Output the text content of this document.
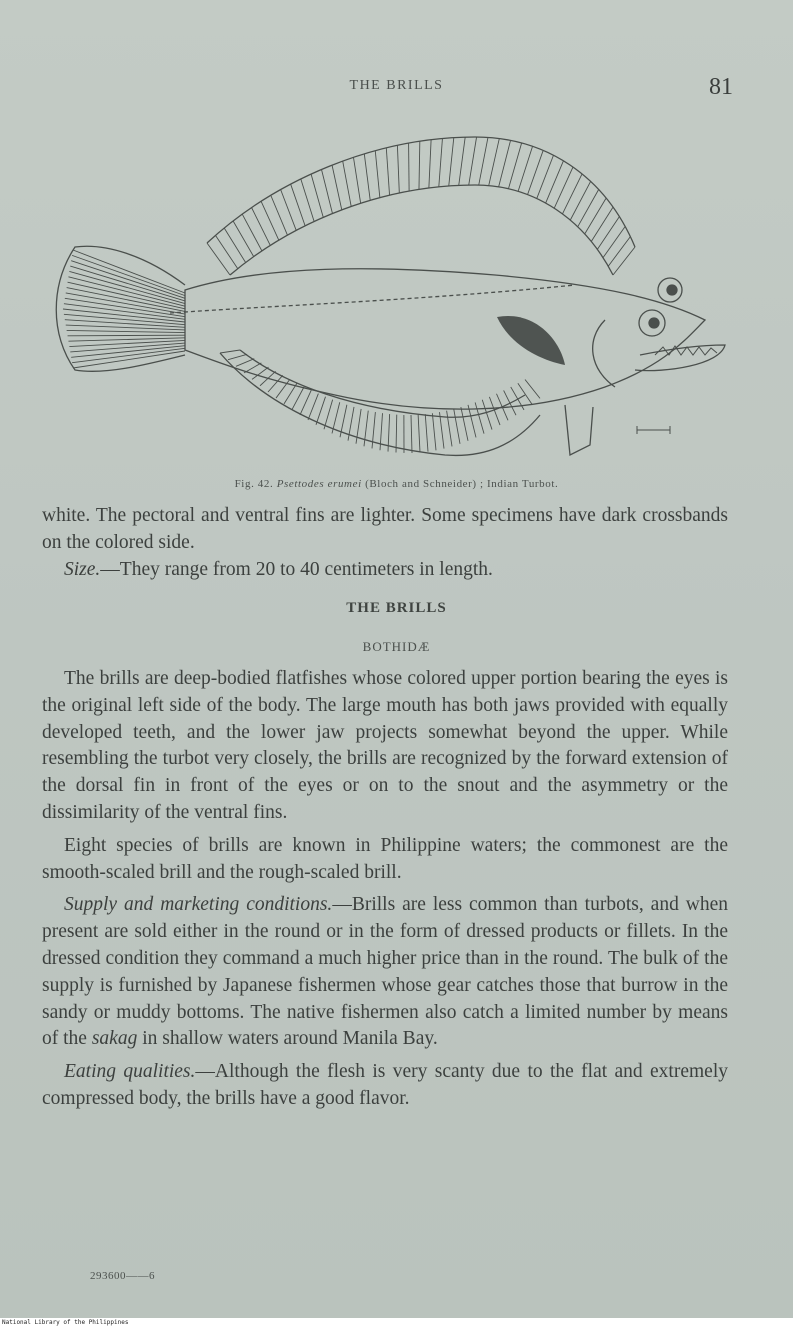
THE BRILLS	81
Fig. 42. Psettodes erumei (Bloch and Schneider) ; Indian Turbot.

white. The pectoral and ventral fins are lighter. Some specimens have dark crossbands on the colored side.

Size.—They range from 20 to 40 centimeters in length.

THE BRILLS
BOTHIDÆ

The brills are deep-bodied flatfishes whose colored upper portion bearing the eyes is the original left side of the body. The large mouth has both jaws provided with equally developed teeth, and the lower jaw projects somewhat beyond the upper. While resembling the turbot very closely, the brills are recognized by the forward extension of the dorsal fin in front of the eyes or on to the snout and the asymmetry or the dissimilarity of the ventral fins.

Eight species of brills are known in Philippine waters; the commonest are the smooth-scaled brill and the rough-scaled brill.

Supply and marketing conditions.—Brills are less common than turbots, and when present are sold either in the round or in the form of dressed products or fillets. In the dressed condition they command a much higher price than in the round. The bulk of the supply is furnished by Japanese fishermen whose gear catches those that burrow in the sandy or muddy bottoms. The native fishermen also catch a limited number by means of the sakag in shallow waters around Manila Bay.

Eating qualities.—Although the flesh is very scanty due to the flat and extremely compressed body, the brills have a good flavor.

293600——6
National Library of the Philippines
